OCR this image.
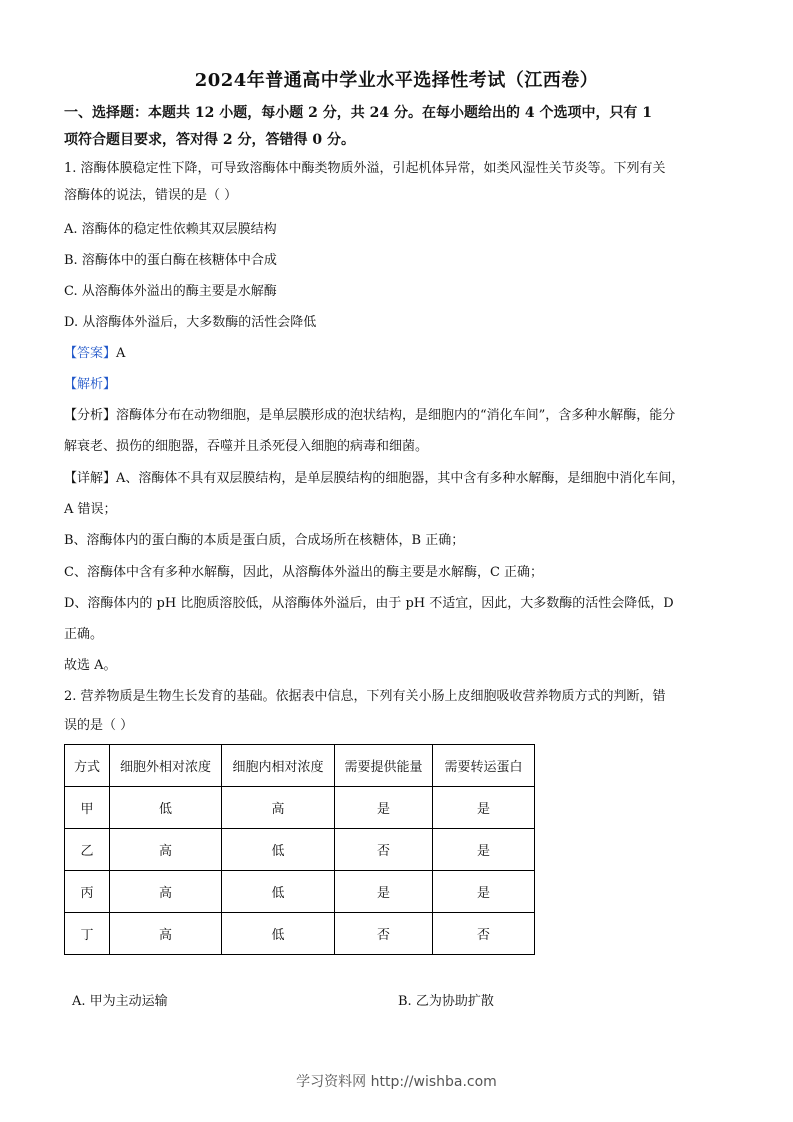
2024年普通高中学业水平选择性考试（江西卷）
一、选择题：本题共 12 小题，每小题 2 分，共 24 分。在每小题给出的 4 个选项中，只有 1
项符合题目要求，答对得 2 分，答错得 0 分。
1. 溶酶体膜稳定性下降，可导致溶酶体中酶类物质外溢，引起机体异常，如类风湿性关节炎等。下列有关
溶酶体的说法，错误的是（ ）
A. 溶酶体的稳定性依赖其双层膜结构
B. 溶酶体中的蛋白酶在核糖体中合成
C. 从溶酶体外溢出的酶主要是水解酶
D. 从溶酶体外溢后，大多数酶的活性会降低
【答案】A
【解析】
【分析】溶酶体分布在动物细胞，是单层膜形成的泡状结构，是细胞内的“消化车间”，含多种水解酶，能分
解衰老、损伤的细胞器，吞噬并且杀死侵入细胞的病毒和细菌。
【详解】A、溶酶体不具有双层膜结构，是单层膜结构的细胞器，其中含有多种水解酶，是细胞中消化车间，
A 错误；
B、溶酶体内的蛋白酶的本质是蛋白质，合成场所在核糖体，B 正确；
C、溶酶体中含有多种水解酶，因此，从溶酶体外溢出的酶主要是水解酶，C 正确；
D、溶酶体内的 pH 比胞质溶胶低，从溶酶体外溢后，由于 pH 不适宜，因此，大多数酶的活性会降低，D
正确。
故选 A。
2. 营养物质是生物生长发育的基础。依据表中信息，下列有关小肠上皮细胞吸收营养物质方式的判断，错
误的是（ ）
方式	细胞外相对浓度	细胞内相对浓度	需要提供能量	需要转运蛋白
甲	低	高	是	是
乙	高	低	否	是
丙	高	低	是	是
丁	高	低	否	否
A. 甲为主动运输	B. 乙为协助扩散
学习资料网 http://wishba.com
